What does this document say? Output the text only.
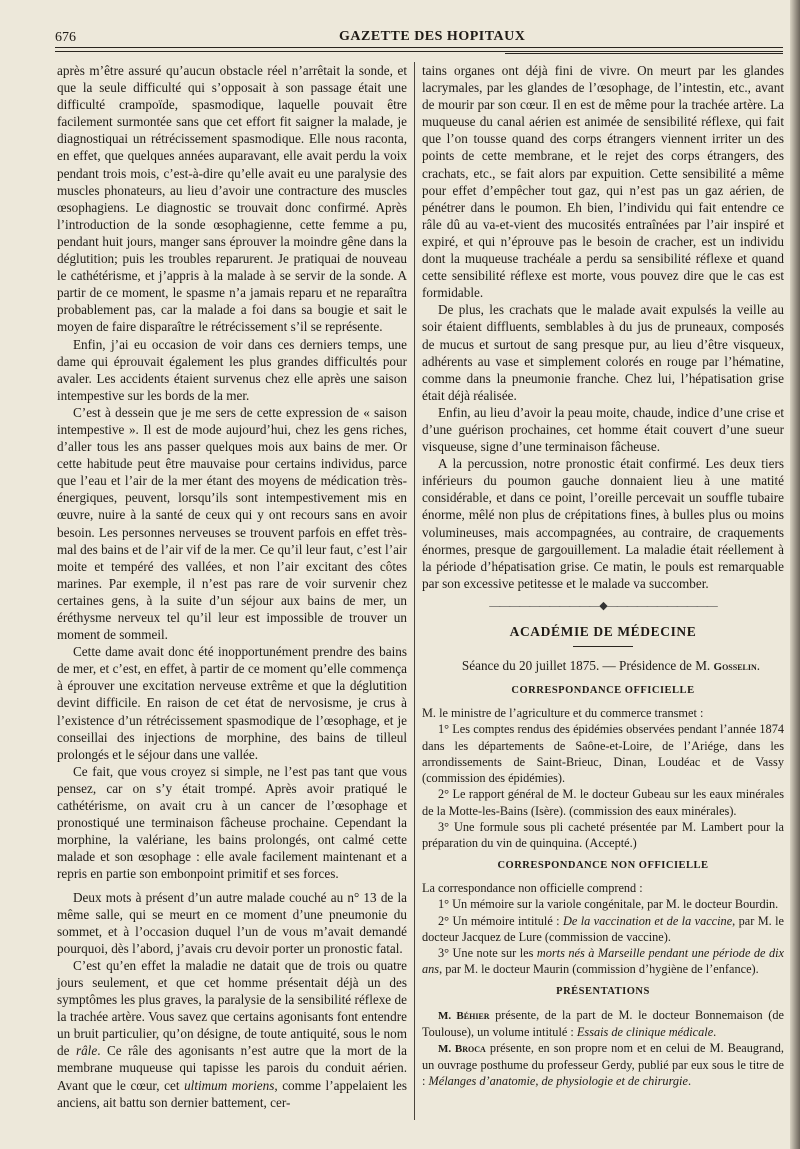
676	GAZETTE DES HOPITAUX

après m’être assuré qu’aucun obstacle réel n’arrêtait la sonde, et que la seule difficulté qui s’opposait à son passage était une difficulté crampoïde, spasmodique, laquelle pouvait être facilement surmontée sans que cet effort fit saigner la malade, je diagnostiquai un rétrécissement spasmodique. Elle nous raconta, en effet, que quelques années auparavant, elle avait perdu la voix pendant trois mois, c’est-à-dire qu’elle avait eu une paralysie des muscles phonateurs, au lieu d’avoir une contracture des muscles œsophagiens. Le diagnostic se trouvait donc confirmé. Après l’introduction de la sonde œsophagienne, cette femme a pu, pendant huit jours, manger sans éprouver la moindre gêne dans la déglutition; puis les troubles reparurent. Je pratiquai de nouveau le cathétérisme, et j’appris à la malade à se servir de la sonde. A partir de ce moment, le spasme n’a jamais reparu et ne reparaîtra probablement pas, car la malade a foi dans sa bougie et sait le moyen de faire disparaître le rétrécissement s’il se représente.

Enfin, j’ai eu occasion de voir dans ces derniers temps, une dame qui éprouvait également les plus grandes difficultés pour avaler. Les accidents étaient survenus chez elle après une saison intempestive sur les bords de la mer.

C’est à dessein que je me sers de cette expression de « saison intempestive ». Il est de mode aujourd’hui, chez les gens riches, d’aller tous les ans passer quelques mois aux bains de mer. Or cette habitude peut être mauvaise pour certains individus, parce que l’eau et l’air de la mer étant des moyens de médication très-énergiques, peuvent, lorsqu’ils sont intempestivement mis en œuvre, nuire à la santé de ceux qui y ont recours sans en avoir besoin. Les personnes nerveuses se trouvent parfois en effet très-mal des bains et de l’air vif de la mer. Ce qu’il leur faut, c’est l’air moite et tempéré des vallées, et non l’air excitant des côtes marines. Par exemple, il n’est pas rare de voir survenir chez certaines gens, à la suite d’un séjour aux bains de mer, un éréthysme nerveux tel qu’il leur est impossible de trouver un moment de sommeil.

Cette dame avait donc été inopportunément prendre des bains de mer, et c’est, en effet, à partir de ce moment qu’elle commença à éprouver une excitation nerveuse extrême et que la déglutition devint difficile. En raison de cet état de nervosisme, je crus à l’existence d’un rétrécissement spasmodique de l’œsophage, et je conseillai des injections de morphine, des bains de tilleul prolongés et le séjour dans une vallée.

Ce fait, que vous croyez si simple, ne l’est pas tant que vous pensez, car on s’y était trompé. Après avoir pratiqué le cathétérisme, on avait cru à un cancer de l’œsophage et pronostiqué une terminaison fâcheuse prochaine. Cependant la morphine, la valériane, les bains prolongés, ont calmé cette malade et son œsophage : elle avale facilement maintenant et a repris en partie son embonpoint primitif et ses forces.

Deux mots à présent d’un autre malade couché au n° 13 de la même salle, qui se meurt en ce moment d’une pneumonie du sommet, et à l’occasion duquel l’un de vous m’avait demandé pourquoi, dès l’abord, j’avais cru devoir porter un pronostic fatal.

C’est qu’en effet la maladie ne datait que de trois ou quatre jours seulement, et que cet homme présentait déjà un des symptômes les plus graves, la paralysie de la sensibilité réflexe de la trachée artère. Vous savez que certains agonisants font entendre un bruit particulier, qu’on désigne, de toute antiquité, sous le nom de râle. Ce râle des agonisants n’est autre que la mort de la membrane muqueuse qui tapisse les parois du conduit aérien. Avant que le cœur, cet ultimum moriens, comme l’appelaient les anciens, ait battu son dernier battement, cer-

tains organes ont déjà fini de vivre. On meurt par les glandes lacrymales, par les glandes de l’œsophage, de l’intestin, etc., avant de mourir par son cœur. Il en est de même pour la trachée artère. La muqueuse du canal aérien est animée de sensibilité réflexe, qui fait que l’on tousse quand des corps étrangers viennent irriter un des points de cette membrane, et le rejet des corps étrangers, des crachats, etc., se fait alors par expuition. Cette sensibilité a même pour effet d’empêcher tout gaz, qui n’est pas un gaz aérien, de pénétrer dans le poumon. Eh bien, l’individu qui fait entendre ce râle dû au va-et-vient des mucosités entraînées par l’air inspiré et expiré, et qui n’éprouve pas le besoin de cracher, est un individu dont la muqueuse trachéale a perdu sa sensibilité réflexe et quand cette sensibilité réflexe est morte, vous pouvez dire que le cas est formidable.

De plus, les crachats que le malade avait expulsés la veille au soir étaient diffluents, semblables à du jus de pruneaux, composés de mucus et surtout de sang presque pur, au lieu d’être visqueux, adhérents au vase et simplement colorés en rouge par l’hématine, comme dans la pneumonie franche. Chez lui, l’hépatisation grise était déjà réalisée.

Enfin, au lieu d’avoir la peau moite, chaude, indice d’une crise et d’une guérison prochaines, cet homme était couvert d’une sueur visqueuse, signe d’une terminaison fâcheuse.

A la percussion, notre pronostic était confirmé. Les deux tiers inférieurs du poumon gauche donnaient lieu à une matité considérable, et dans ce point, l’oreille percevait un souffle tubaire énorme, mêlé non plus de crépitations fines, à bulles plus ou moins volumineuses, mais accompagnées, au contraire, de craquements énormes, presque de gargouillement. La maladie était réellement à la période d’hépatisation grise. Ce matin, le pouls est remarquable par son excessive petitesse et le malade va succomber.

———————————◆———————————
ACADÉMIE DE MÉDECINE

Séance du 20 juillet 1875. — Présidence de M. Gosselin.

CORRESPONDANCE OFFICIELLE

M. le ministre de l’agriculture et du commerce transmet :

1° Les comptes rendus des épidémies observées pendant l’année 1874 dans les départements de Saône-et-Loire, de l’Ariége, dans les arrondissements de Saint-Brieuc, Dinan, Loudéac et de Vassy (commission des épidémies).

2° Le rapport général de M. le docteur Gubeau sur les eaux minérales de la Motte-les-Bains (Isère). (commission des eaux minérales).

3° Une formule sous pli cacheté présentée par M. Lambert pour la préparation du vin de quinquina. (Accepté.)

CORRESPONDANCE NON OFFICIELLE

La correspondance non officielle comprend :

1° Un mémoire sur la variole congénitale, par M. le docteur Bourdin.

2° Un mémoire intitulé : De la vaccination et de la vaccine, par M. le docteur Jacquez de Lure (commission de vaccine).

3° Une note sur les morts nés à Marseille pendant une période de dix ans, par M. le docteur Maurin (commission d’hygiène de l’enfance).

PRÉSENTATIONS

M. Béhier présente, de la part de M. le docteur Bonnemaison (de Toulouse), un volume intitulé : Essais de clinique médicale.

M. Broca présente, en son propre nom et en celui de M. Beaugrand, un ouvrage posthume du professeur Gerdy, publié par eux sous le titre de : Mélanges d’anatomie, de physiologie et de chirurgie.
